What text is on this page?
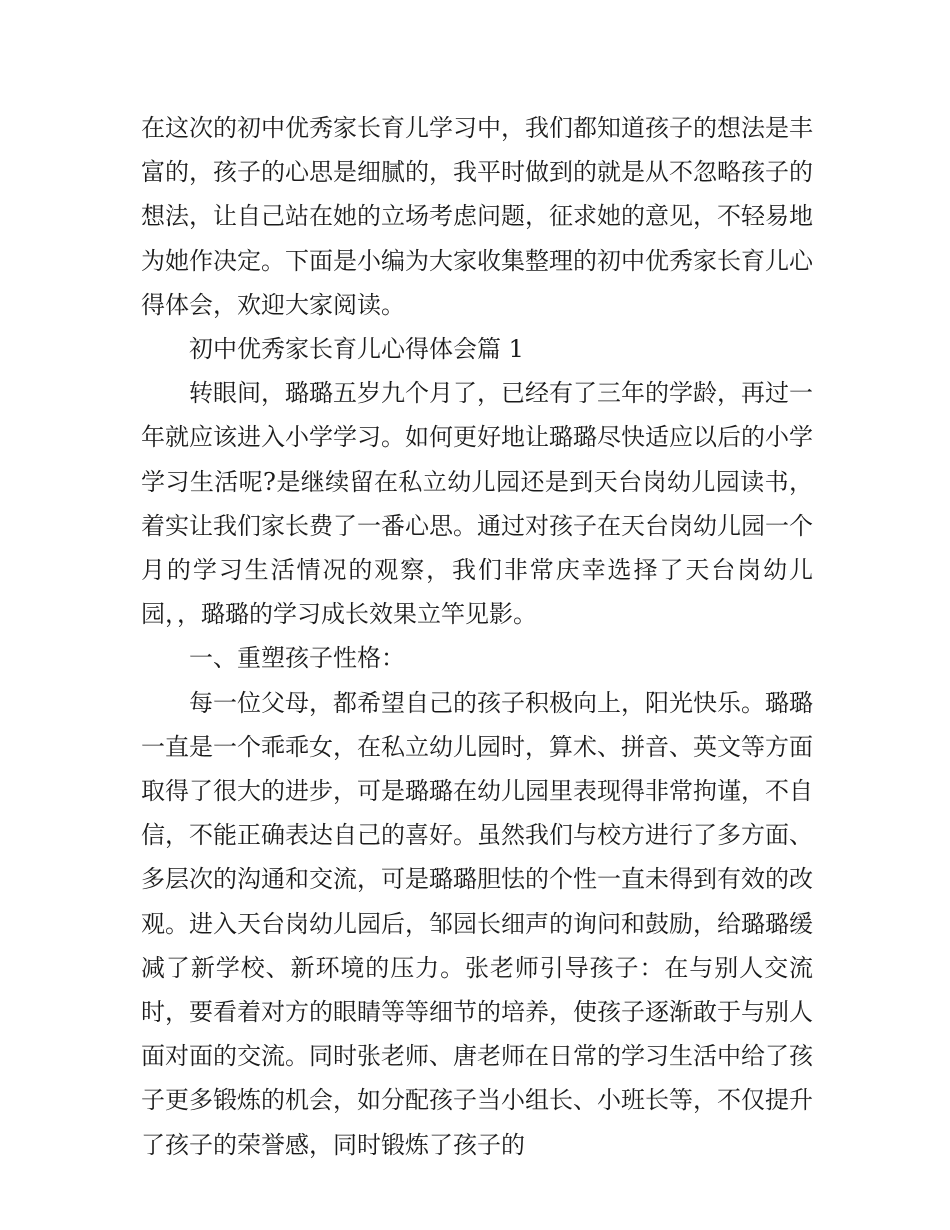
在这次的初中优秀家长育儿学习中，我们都知道孩子的想法是丰富的，孩子的心思是细腻的，我平时做到的就是从不忽略孩子的想法，让自己站在她的立场考虑问题，征求她的意见，不轻易地为她作决定。下面是小编为大家收集整理的初中优秀家长育儿心得体会，欢迎大家阅读。

初中优秀家长育儿心得体会篇 1

转眼间，璐璐五岁九个月了，已经有了三年的学龄，再过一年就应该进入小学学习。如何更好地让璐璐尽快适应以后的小学学习生活呢?是继续留在私立幼儿园还是到天台岗幼儿园读书，着实让我们家长费了一番心思。通过对孩子在天台岗幼儿园一个月的学习生活情况的观察，我们非常庆幸选择了天台岗幼儿园，，璐璐的学习成长效果立竿见影。

一、重塑孩子性格：

每一位父母，都希望自己的孩子积极向上，阳光快乐。璐璐一直是一个乖乖女，在私立幼儿园时，算术、拼音、英文等方面取得了很大的进步，可是璐璐在幼儿园里表现得非常拘谨，不自信，不能正确表达自己的喜好。虽然我们与校方进行了多方面、多层次的沟通和交流，可是璐璐胆怯的个性一直未得到有效的改观。进入天台岗幼儿园后，邹园长细声的询问和鼓励，给璐璐缓减了新学校、新环境的压力。张老师引导孩子：在与别人交流时，要看着对方的眼睛等等细节的培养，使孩子逐渐敢于与别人面对面的交流。同时张老师、唐老师在日常的学习生活中给了孩子更多锻炼的机会，如分配孩子当小组长、小班长等，不仅提升了孩子的荣誉感，同时锻炼了孩子的
